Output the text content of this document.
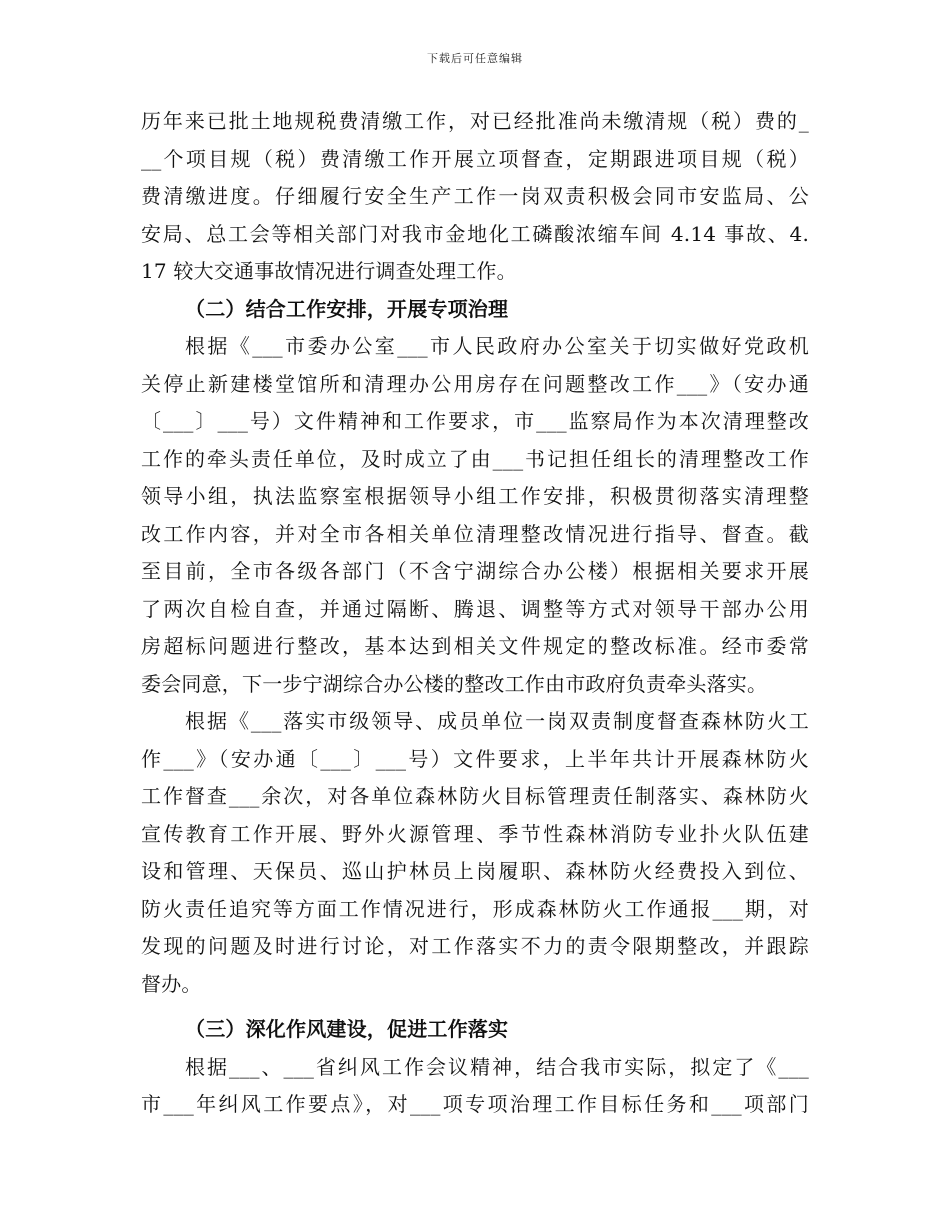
下载后可任意编辑
历年来已批土地规税费清缴工作，对已经批准尚未缴清规（税）费的_
__个项目规（税）费清缴工作开展立项督查，定期跟进项目规（税）
费清缴进度。仔细履行安全生产工作一岗双责积极会同市安监局、公
安局、总工会等相关部门对我市金地化工磷酸浓缩车间 4.14 事故、4.
17 较大交通事故情况进行调查处理工作。
（二）结合工作安排，开展专项治理
根据《___市委办公室___市人民政府办公室关于切实做好党政机
关停止新建楼堂馆所和清理办公用房存在问题整改工作___》（安办通
〔___〕___号）文件精神和工作要求，市___监察局作为本次清理整改
工作的牵头责任单位，及时成立了由___书记担任组长的清理整改工作
领导小组，执法监察室根据领导小组工作安排，积极贯彻落实清理整
改工作内容，并对全市各相关单位清理整改情况进行指导、督查。截
至目前，全市各级各部门（不含宁湖综合办公楼）根据相关要求开展
了两次自检自查，并通过隔断、腾退、调整等方式对领导干部办公用
房超标问题进行整改，基本达到相关文件规定的整改标准。经市委常
委会同意，下一步宁湖综合办公楼的整改工作由市政府负责牵头落实。
根据《___落实市级领导、成员单位一岗双责制度督查森林防火工
作___》（安办通〔___〕___号）文件要求，上半年共计开展森林防火
工作督查___余次，对各单位森林防火目标管理责任制落实、森林防火
宣传教育工作开展、野外火源管理、季节性森林消防专业扑火队伍建
设和管理、天保员、巡山护林员上岗履职、森林防火经费投入到位、
防火责任追究等方面工作情况进行，形成森林防火工作通报___期，对
发现的问题及时进行讨论，对工作落实不力的责令限期整改，并跟踪
督办。
（三）深化作风建设，促进工作落实
根据___、___省纠风工作会议精神，结合我市实际，拟定了《___
市___年纠风工作要点》，对___项专项治理工作目标任务和___项部门
